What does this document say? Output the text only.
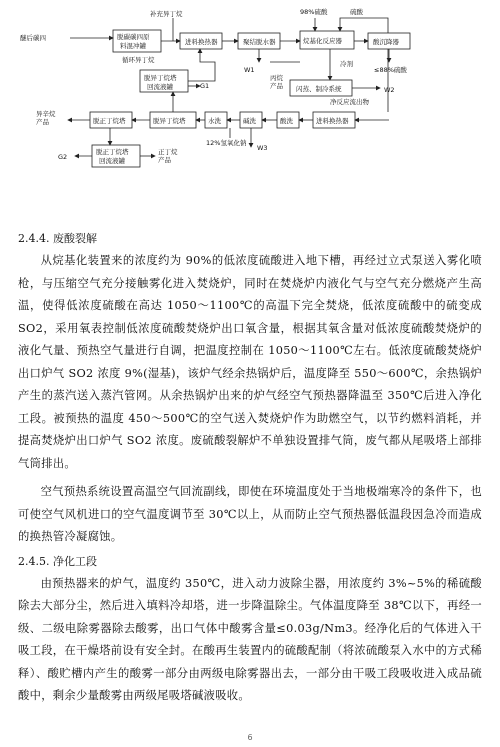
醚后碳四	脱碳碳四原
料混冲罐	进料换热器	聚结脱水器	烷基化反应器	酸沉降器
补充异丁烷	98%硫酸	硫酸
循环异丁烷
W1	≤88%硫酸
脱异丁烷塔
回流液罐	G1
丙烷
产品 闪蒸、制冷系统
冷剂
W2
净反应流出物
脱异丁烷塔	水洗	碱洗	酸洗	进料换热器
脱正丁烷塔
脱正丁烷塔
回流液罐
异辛烷
产品
G2
正丁烷
产品
W3
12%氢氧化钠

2.4.4. 废酸裂解

从烷基化装置来的浓度约为 90%的低浓度硫酸进入地下槽，再经过立式泵送入雾化喷枪，与压缩空气充分接触雾化进入焚烧炉，同时在焚烧炉内液化气与空气充分燃烧产生高温，使得低浓度硫酸在高达 1050～1100℃的高温下完全焚烧，低浓度硫酸中的硫变成 SO2，采用氧表控制低浓度硫酸焚烧炉出口氧含量，根据其氧含量对低浓度硫酸焚烧炉的液化气量、预热空气量进行自调，把温度控制在 1050～1100℃左右。低浓度硫酸焚烧炉出口炉气 SO2 浓度 9%(湿基)，该炉气经余热锅炉后，温度降至 550～600℃，余热锅炉产生的蒸汽送入蒸汽管网。从余热锅炉出来的炉气经空气预热器降温至 350℃后进入净化工段。被预热的温度 450～500℃的空气送入焚烧炉作为助燃空气，以节约燃料消耗，并提高焚烧炉出口炉气 SO2 浓度。废硫酸裂解炉不单独设置排气筒，废气都从尾吸塔上部排气筒排出。

空气预热系统设置高温空气回流副线，即使在环境温度处于当地极端寒冷的条件下，也可使空气风机进口的空气温度调节至 30℃以上，从而防止空气预热器低温段因急冷而造成的换热管冷凝腐蚀。

2.4.5. 净化工段

由预热器来的炉气，温度约 350℃，进入动力波除尘器，用浓度约 3%~5%的稀硫酸除去大部分尘，然后进入填料冷却塔，进一步降温除尘。气体温度降至 38℃以下，再经一级、二级电除雾器除去酸雾，出口气体中酸雾含量≤0.03g/Nm3。经净化后的气体进入干吸工段，在干燥塔前设有安全封。在酸再生装置内的硫酸配制（将浓硫酸泵入水中的方式稀释）、酸贮槽内产生的酸雾一部分由两级电除雾器出去，一部分由干吸工段吸收进入成品硫酸中，剩余少量酸雾由两级尾吸塔碱液吸收。

6
